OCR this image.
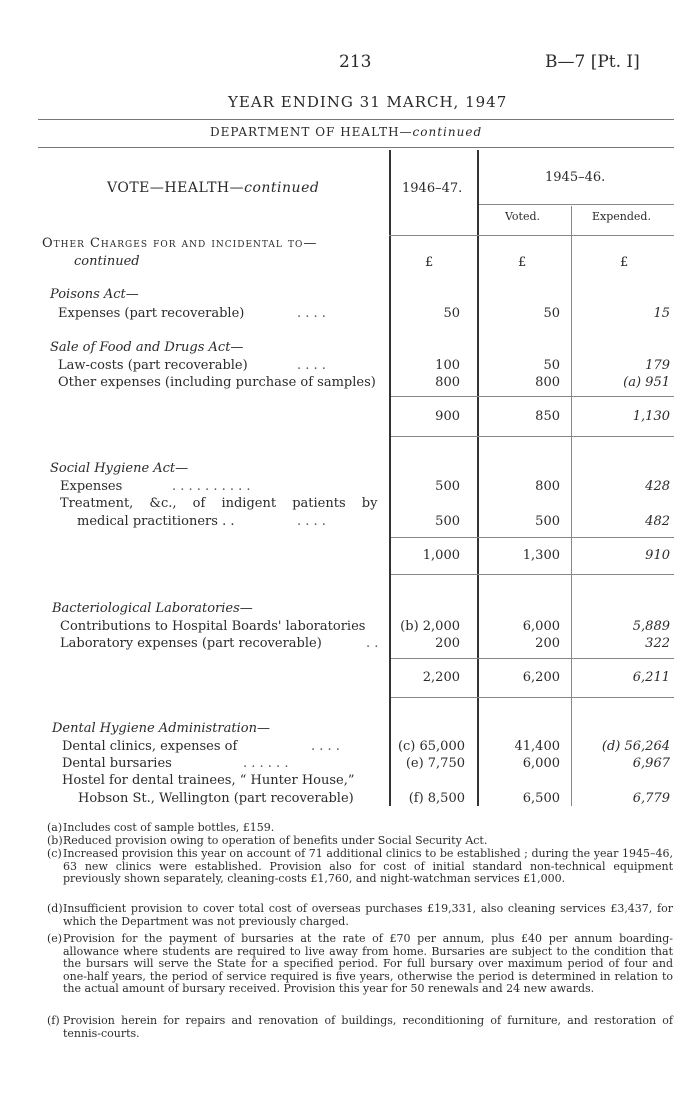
213	B—7 [Pt. I]
YEAR ENDING 31 MARCH, 1947
DEPARTMENT OF HEALTH—continued
VOTE—HEALTH—continued	1946–47.
1945–46.
Voted.	Expended.
Other Charges for and incidental to—
continued	£	£	£
Poisons Act—
Expenses (part recoverable)	. . . .	50	50	15
Sale of Food and Drugs Act—
Law-costs (part recoverable)	. . . .	100	50	179
Other expenses (including purchase of samples)	800	800	(a) 951
900	850	1,130
Social Hygiene Act—
Expenses	. . . . . . . . . .	500	800	428
Treatment, &c., of indigent patients by
medical practitioners . .	. . . .	500	500	482
1,000	1,300	910
Bacteriological Laboratories—
Contributions to Hospital Boards' laboratories	(b) 2,000	6,000	5,889
Laboratory expenses (part recoverable)	. .	200	200	322
2,200	6,200	6,211
Dental Hygiene Administration—
Dental clinics, expenses of	. . . .	(c) 65,000	41,400	(d) 56,264
Dental bursaries	. . . . . .	(e) 7,750	6,000	6,967
Hostel for dental trainees, “ Hunter House,”
Hobson St., Wellington (part recoverable)	(f) 8,500	6,500	6,779
(a) Includes cost of sample bottles, £159.
(b) Reduced provision owing to operation of benefits under Social Security Act.
(c) Increased provision this year on account of 71 additional clinics to be established ; during the year 1945–46, 63 new clinics were established. Provision also for cost of initial standard non-technical equipment previously shown separately, cleaning-costs £1,760, and night-watchman services £1,000.
(d) Insufficient provision to cover total cost of overseas purchases £19,331, also cleaning services £3,437, for which the Department was not previously charged.
(e) Provision for the payment of bursaries at the rate of £70 per annum, plus £40 per annum boarding-allowance where students are required to live away from home. Bursaries are subject to the condition that the bursars will serve the State for a specified period. For full bursary over maximum period of four and one-half years, the period of service required is five years, otherwise the period is determined in relation to the actual amount of bursary received. Provision this year for 50 renewals and 24 new awards.
(f) Provision herein for repairs and renovation of buildings, reconditioning of furniture, and restoration of tennis-courts.
